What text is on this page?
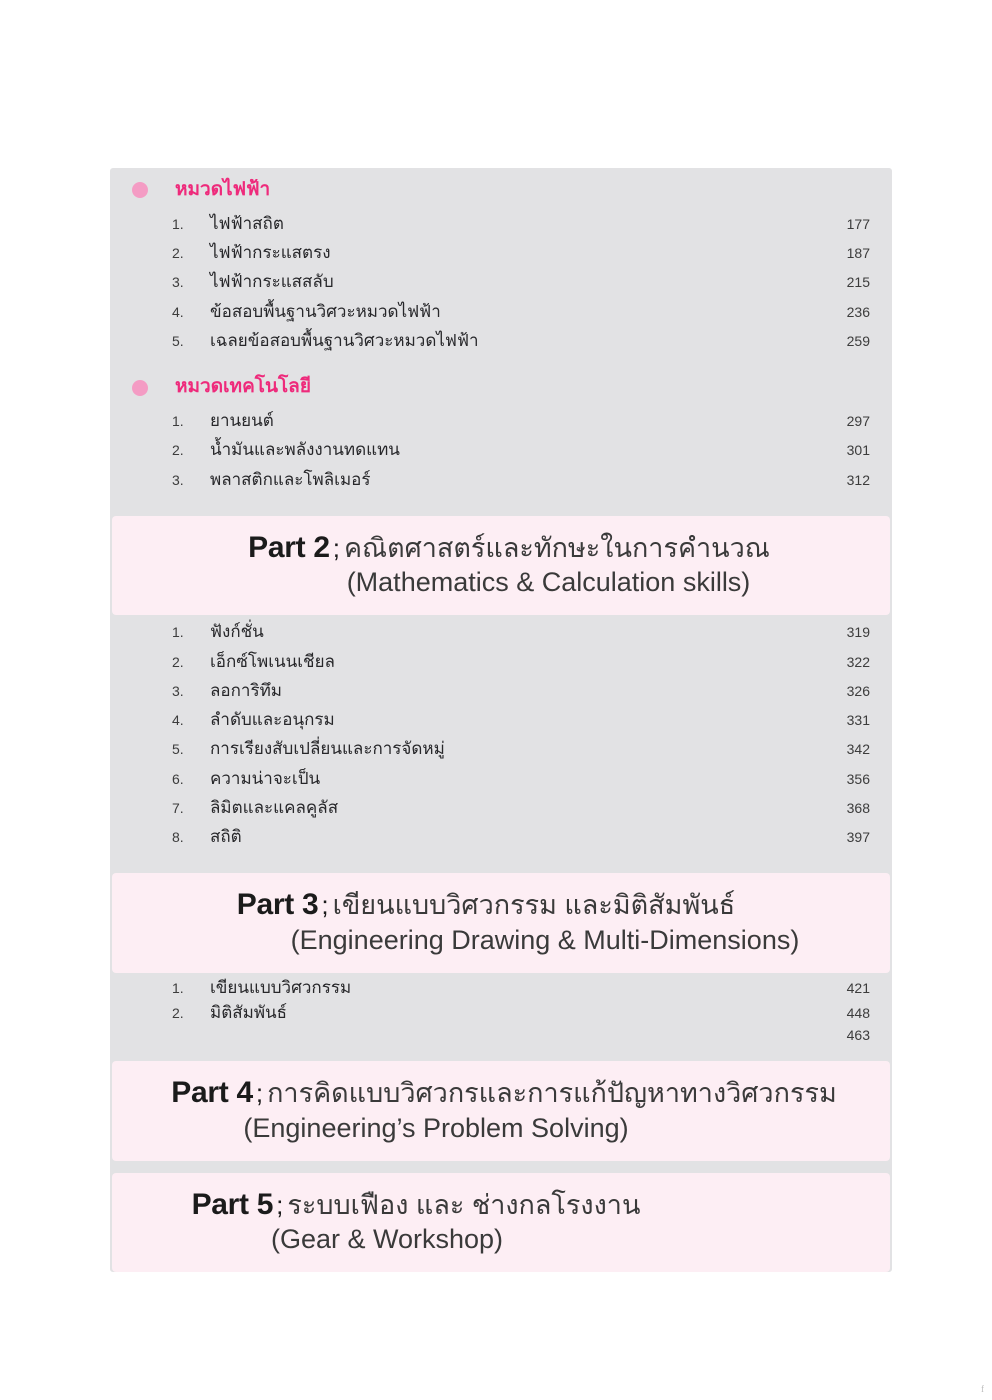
หมวดไฟฟ้า
1.	ไฟฟ้าสถิต	177
2.	ไฟฟ้ากระแสตรง	187
3.	ไฟฟ้ากระแสสลับ	215
4.	ข้อสอบพื้นฐานวิศวะหมวดไฟฟ้า	236
5.	เฉลยข้อสอบพื้นฐานวิศวะหมวดไฟฟ้า	259
หมวดเทคโนโลยี
1.	ยานยนต์	297
2.	น้ำมันและพลังงานทดแทน	301
3.	พลาสติกและโพลิเมอร์	312
Part 2 ; คณิตศาสตร์และทักษะในการคำนวณ
(Mathematics & Calculation skills)
1.	ฟังก์ชั่น	319
2.	เอ็กซ์โพเนนเชียล	322
3.	ลอการิทึม	326
4.	ลำดับและอนุกรม	331
5.	การเรียงสับเปลี่ยนและการจัดหมู่	342
6.	ความน่าจะเป็น	356
7.	ลิมิตและแคลคูลัส	368
8.	สถิติ	397
Part 3 ; เขียนแบบวิศวกรรม และมิติสัมพันธ์
(Engineering Drawing & Multi-Dimensions)
1.	เขียนแบบวิศวกรรม	421
2.	มิติสัมพันธ์	448
463
Part 4 ; การคิดแบบวิศวกรและการแก้ปัญหาทางวิศวกรรม
(Engineering’s Problem Solving)
Part 5 ; ระบบเฟือง และ ช่างกลโรงงาน
(Gear & Workshop)
f
